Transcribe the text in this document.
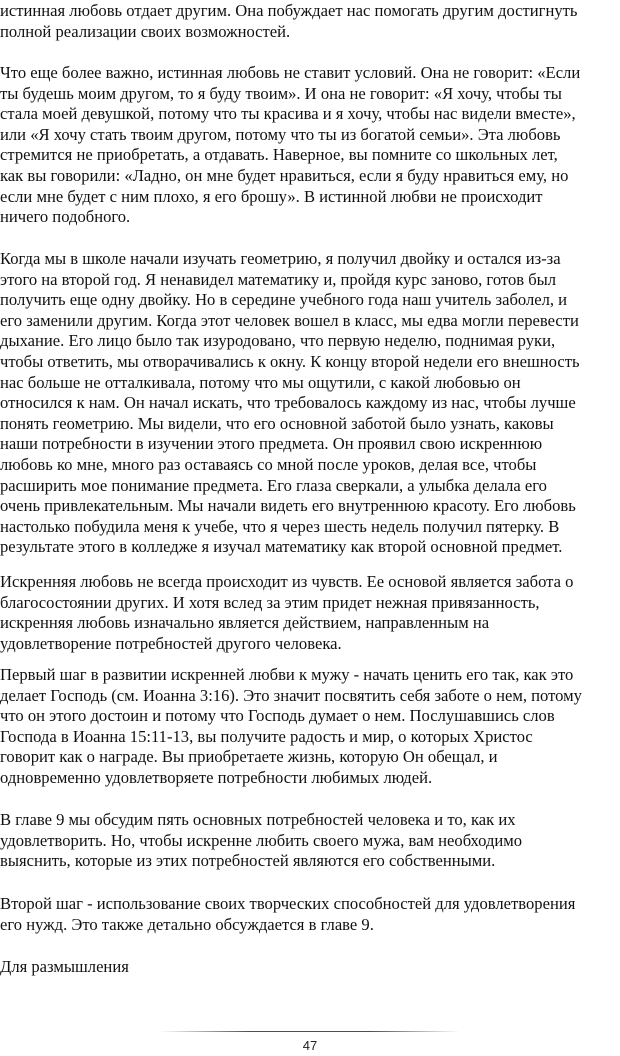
истинная любовь отдает другим. Она побуждает нас помогать другим достигнуть
полной реализации своих возможностей.
Что еще более важно, истинная любовь не ставит условий. Она не говорит: «Если
ты будешь моим другом, то я буду твоим». И она не говорит: «Я хочу, чтобы ты
стала моей девушкой, потому что ты красива и я хочу, чтобы нас видели вместе»,
или «Я хочу стать твоим другом, потому что ты из богатой семьи». Эта любовь
стремится не приобретать, а отдавать. Наверное, вы помните со школьных лет,
как вы говорили: «Ладно, он мне будет нравиться, если я буду нравиться ему, но
если мне будет с ним плохо, я его брошу». В истинной любви не происходит
ничего подобного.
Когда мы в школе начали изучать геометрию, я получил двойку и остался из-за
этого на второй год. Я ненавидел математику и, пройдя курс заново, готов был
получить еще одну двойку. Но в середине учебного года наш учитель заболел, и
его заменили другим. Когда этот человек вошел в класс, мы едва могли перевести
дыхание. Его лицо было так изуродовано, что первую неделю, поднимая руки,
чтобы ответить, мы отворачивались к окну. К концу второй недели его внешность
нас больше не отталкивала, потому что мы ощутили, с какой любовью он
относился к нам. Он начал искать, что требовалось каждому из нас, чтобы лучше
понять геометрию. Мы видели, что его основной заботой было узнать, каковы
наши потребности в изучении этого предмета. Он проявил свою искреннюю
любовь ко мне, много раз оставаясь со мной после уроков, делая все, чтобы
расширить мое понимание предмета. Его глаза сверкали, а улыбка делала его
очень привлекательным. Мы начали видеть его внутреннюю красоту. Его любовь
настолько побудила меня к учебе, что я через шесть недель получил пятерку. В
результате этого в колледже я изучал математику как второй основной предмет.
Искренняя любовь не всегда происходит из чувств. Ее основой является забота о
благосостоянии других. И хотя вслед за этим придет нежная привязанность,
искренняя любовь изначально является действием, направленным на
удовлетворение потребностей другого человека.
Первый шаг в развитии искренней любви к мужу - начать ценить его так, как это
делает Господь (см. Иоанна 3:16). Это значит посвятить себя заботе о нем, потому
что он этого достоин и потому что Господь думает о нем. Послушавшись слов
Господа в Иоанна 15:11-13, вы получите радость и мир, о которых Христос
говорит как о награде. Вы приобретаете жизнь, которую Он обещал, и
одновременно удовлетворяете потребности любимых людей.
В главе 9 мы обсудим пять основных потребностей человека и то, как их
удовлетворить. Но, чтобы искренне любить своего мужа, вам необходимо
выяснить, которые из этих потребностей являются его собственными.
Второй шаг - использование своих творческих способностей для удовлетворения
его нужд. Это также детально обсуждается в главе 9.
Для размышления
47
